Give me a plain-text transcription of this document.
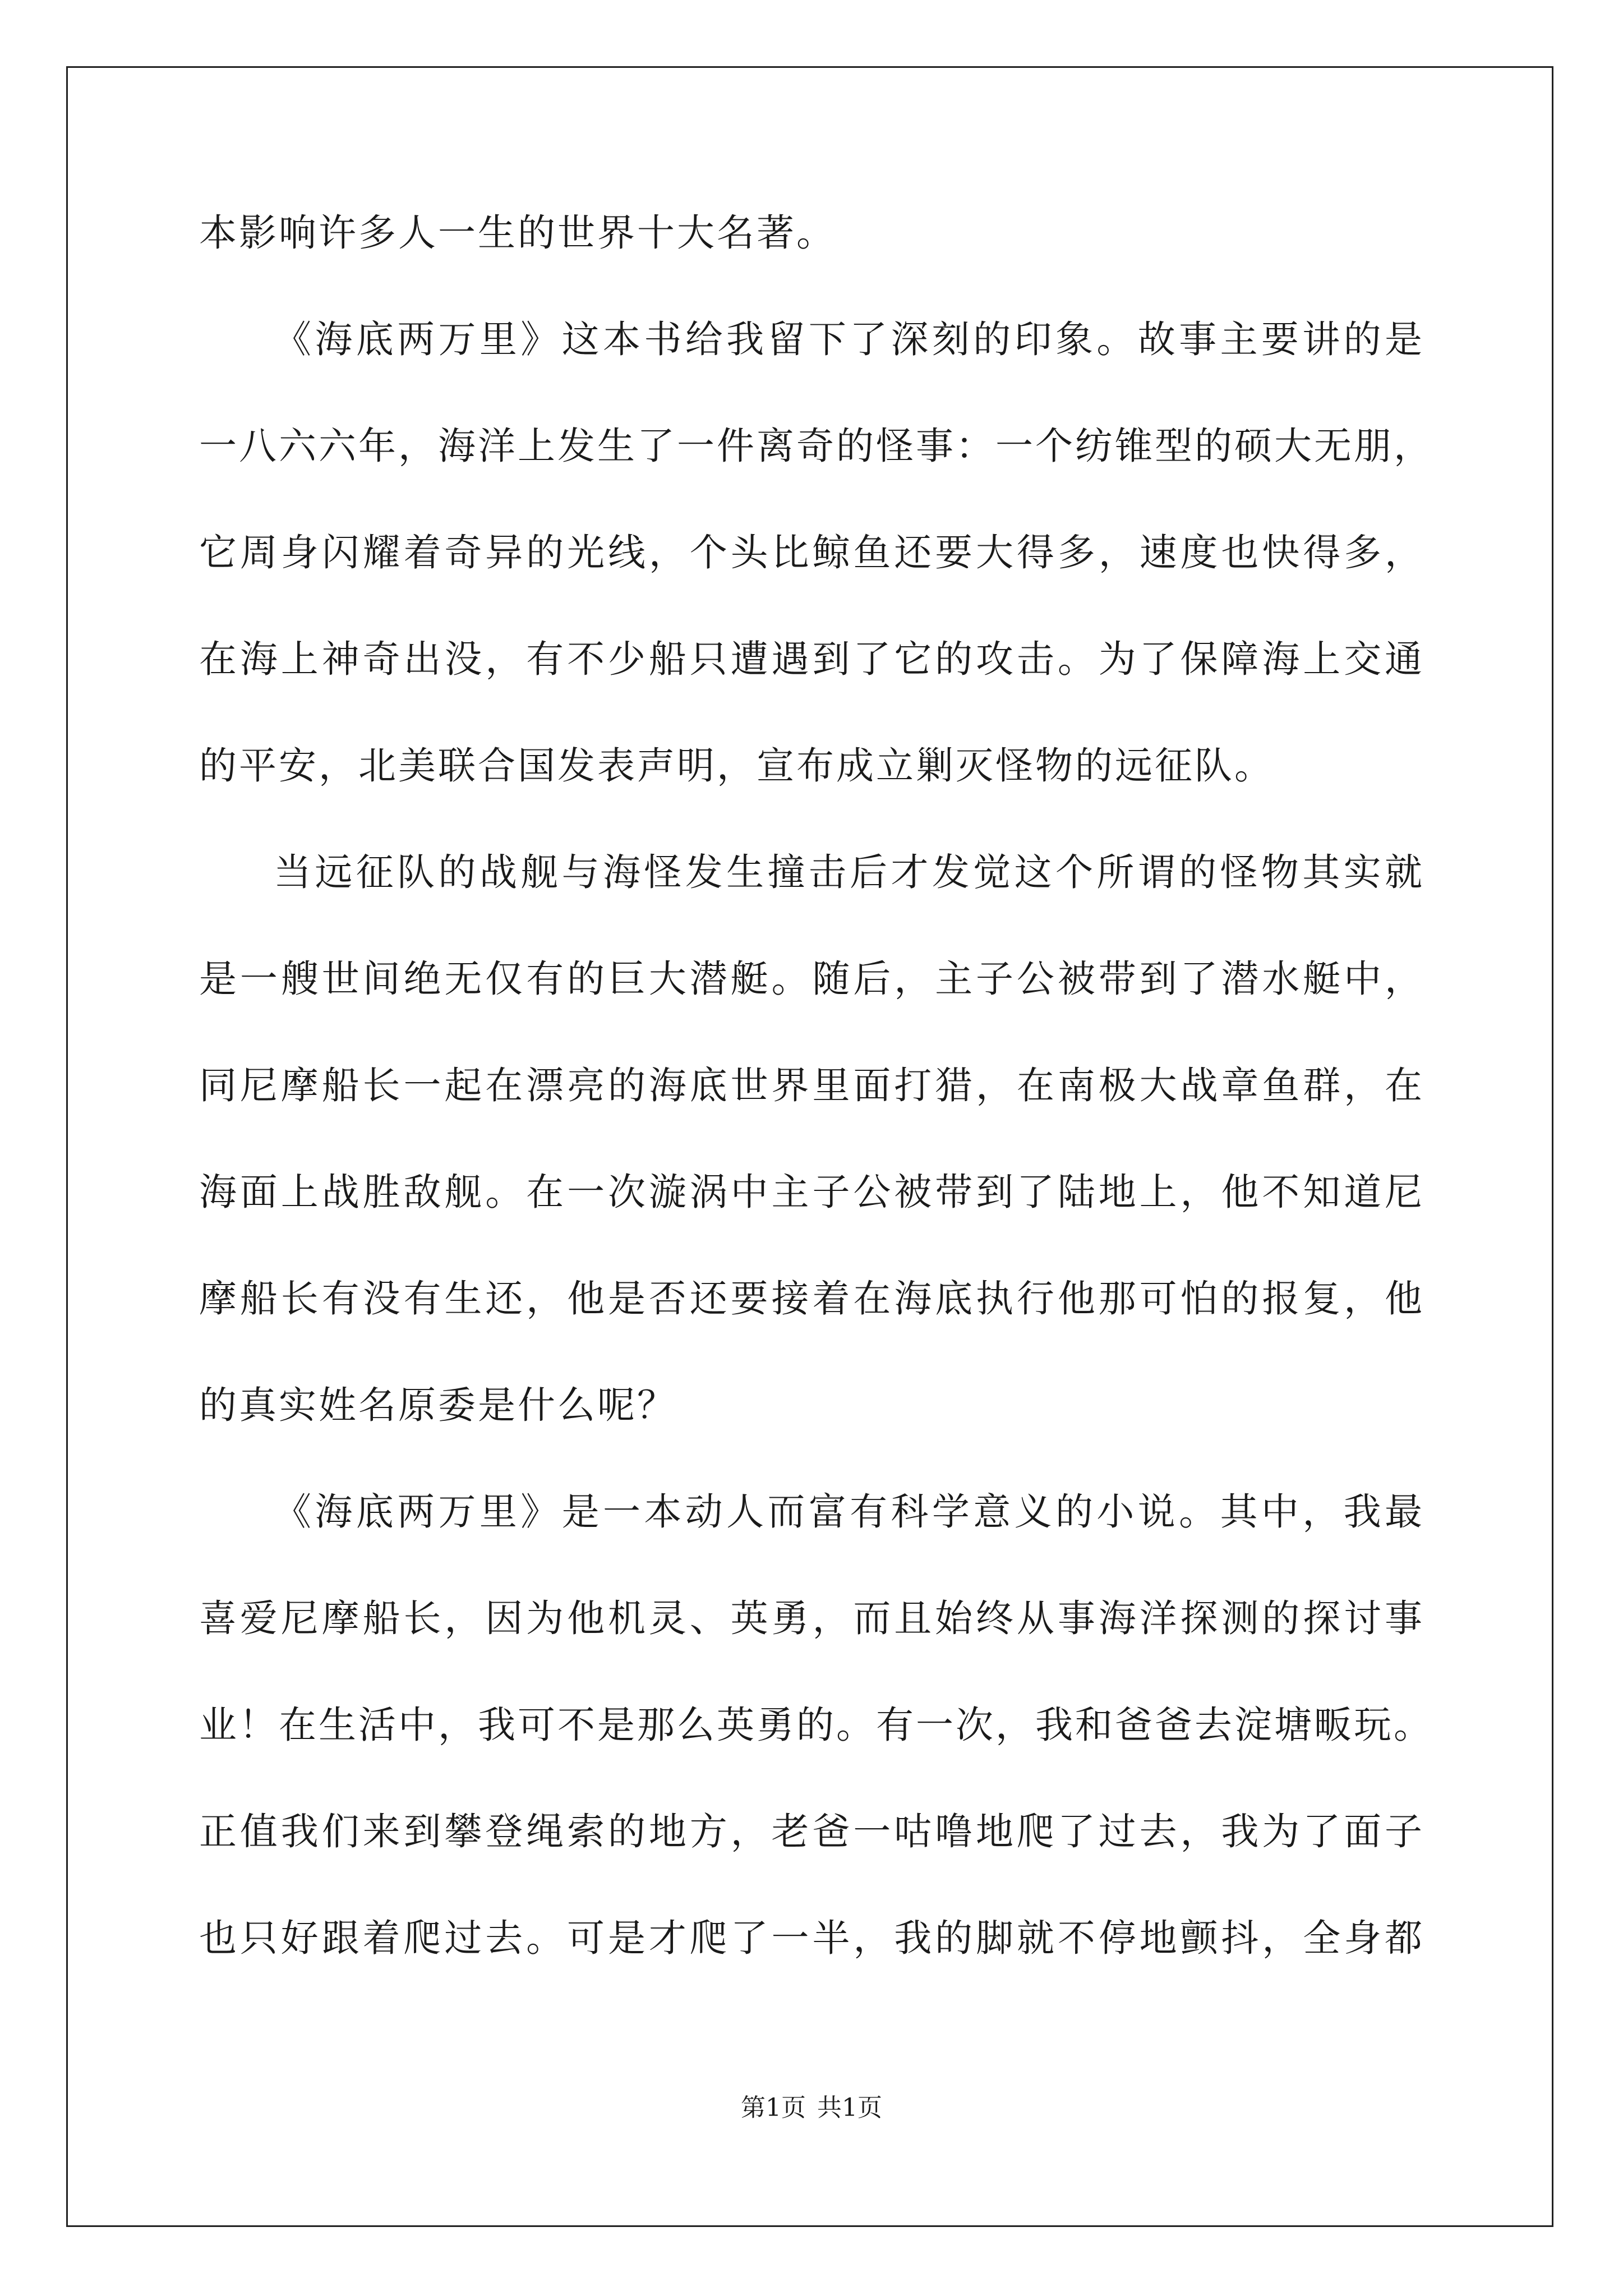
本影响许多人一生的世界十大名著。

《海底两万里》这本书给我留下了深刻的印象。故事主要讲的是

一八六六年，海洋上发生了一件离奇的怪事：一个纺锥型的硕大无朋，

它周身闪耀着奇异的光线，个头比鲸鱼还要大得多，速度也快得多，

在海上神奇出没，有不少船只遭遇到了它的攻击。为了保障海上交通

的平安，北美联合国发表声明，宣布成立剿灭怪物的远征队。

当远征队的战舰与海怪发生撞击后才发觉这个所谓的怪物其实就

是一艘世间绝无仅有的巨大潜艇。随后，主子公被带到了潜水艇中，

同尼摩船长一起在漂亮的海底世界里面打猎，在南极大战章鱼群，在

海面上战胜敌舰。在一次漩涡中主子公被带到了陆地上，他不知道尼

摩船长有没有生还，他是否还要接着在海底执行他那可怕的报复，他

的真实姓名原委是什么呢？

《海底两万里》是一本动人而富有科学意义的小说。其中，我最

喜爱尼摩船长，因为他机灵、英勇，而且始终从事海洋探测的探讨事

业！在生活中，我可不是那么英勇的。有一次，我和爸爸去淀塘畈玩。

正值我们来到攀登绳索的地方，老爸一咕噜地爬了过去，我为了面子

也只好跟着爬过去。可是才爬了一半，我的脚就不停地颤抖，全身都

第1页 共1页
